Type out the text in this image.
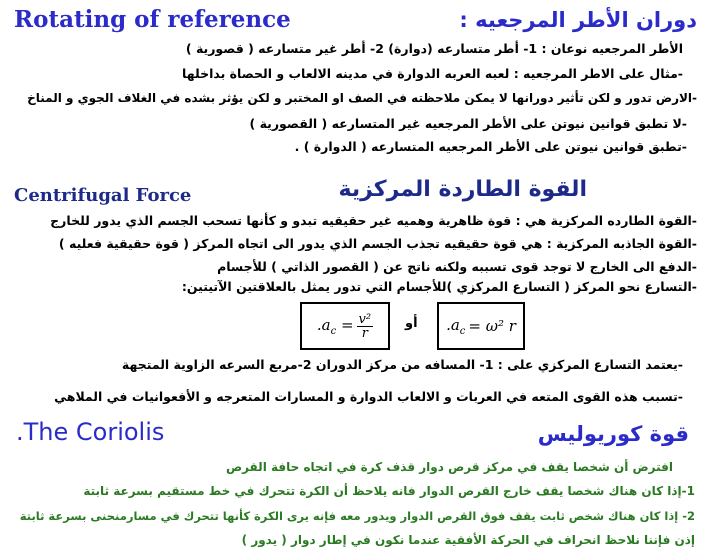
Rotating of reference	دوران الأطر المرجعيه :
الأطر المرجعيه نوعان : 1- أطر متسارعه (دوارة) 2- أطر غير متسارعه ( قصورية )
-مثال على الاطر المرجعيه : لعبه العربه الدوارة في مدينه الالعاب و الحصاة بداخلها
-الارض تدور و لكن تأثير دورانها لا يمكن ملاحظته في الصف او المختبر و لكن يؤثر بشده في الغلاف الجوي و المناخ
-لا تطبق قوانين نيوتن على الأطر المرجعيه غير المتسارعه ( القصورية )
-تطبق قوانين نيوتن على الأطر المرجعيه المتسارعه ( الدوارة ) .
Centrifugal Force	القوة الطاردة المركزية
-القوة الطارده المركزية هي : قوة ظاهرية وهميه غير حقيقيه تبدو و كأنها تسحب الجسم الذي يدور للخارج
-القوة الجاذبه المركزية : هي قوة حقيقيه تجذب الجسم الذي يدور الى اتجاه المركز ( قوة حقيقية فعليه )
-الدفع الى الخارج لا توجد قوى تسببه ولكنه ناتج عن ( القصور الذاتي ) للأجسام
-التسارع نحو المركز ( التسارع المركزي )للأجسام التي تدور يمثل بالعلاقتين الآتيتين:
$.a_c = \frac{\text{v²}}{r}$ أو $.a_c = \omega^2$ r
-يعتمد التسارع المركزي على : 1- المسافه من مركز الدوران 2-مربع السرعه الزاوية المتجهة
-تسبب هذه القوى المتعه في العربات و الالعاب الدوارة و المسارات المتعرجه و الأفعوانيات في الملاهي
.The Coriolis	قوة كوريوليس
افترض أن شخصا يقف في مركز قرص دوار قذف كرة في اتجاه حافة القرص
1-إذا كان هناك شخصا يقف خارج القرص الدوار فانه يلاحظ أن الكرة تتحرك في خط مستقيم بسرعة ثابتة
2- إذا كان هناك شخص ثابت يقف فوق القرص الدوار ويدور معه فإنه يرى الكرة كأنها تتحرك في مسارمنحنى بسرعة ثابتة
إذن فإننا نلاحظ انحراف في الحركة الأفقية عندما نكون في إطار دوار ( يدور )
